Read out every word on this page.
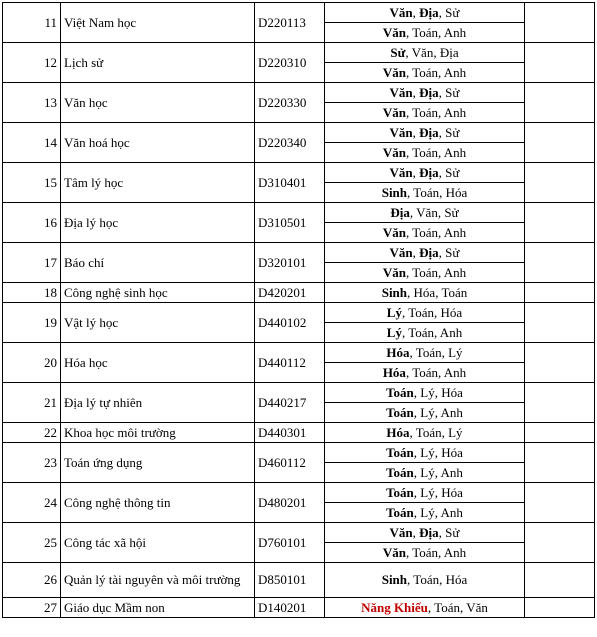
11	Việt Nam học	D220113	Văn, Địa, Sử	
			Văn, Toán, Anh	
12	Lịch sử	D220310	Sử, Văn, Địa	
			Văn, Toán, Anh	
13	Văn học	D220330	Văn, Địa, Sử	
			Văn, Toán, Anh	
14	Văn hoá học	D220340	Văn, Địa, Sử	
			Văn, Toán, Anh	
15	Tâm lý học	D310401	Văn, Địa, Sử	
			Sinh, Toán, Hóa	
16	Địa lý học	D310501	Địa, Văn, Sử	
			Văn, Toán, Anh	
17	Báo chí	D320101	Văn, Địa, Sử	
			Văn, Toán, Anh	
18	Công nghệ sinh học	D420201	Sinh, Hóa, Toán	
19	Vật lý học	D440102	Lý, Toán, Hóa	
			Lý, Toán, Anh	
20	Hóa học	D440112	Hóa, Toán, Lý	
			Hóa, Toán, Anh	
21	Địa lý tự nhiên	D440217	Toán, Lý, Hóa	
			Toán, Lý, Anh	
22	Khoa học môi trường	D440301	Hóa, Toán, Lý	
23	Toán ứng dụng	D460112	Toán, Lý, Hóa	
			Toán, Lý, Anh	
24	Công nghệ thông tin	D480201	Toán, Lý, Hóa	
			Toán, Lý, Anh	
25	Công tác xã hội	D760101	Văn, Địa, Sử	
			Văn, Toán, Anh	
26	Quản lý tài nguyên và môi trường	D850101	Sinh, Toán, Hóa	
27	Giáo dục Mầm non	D140201	Năng Khiếu, Toán, Văn	
